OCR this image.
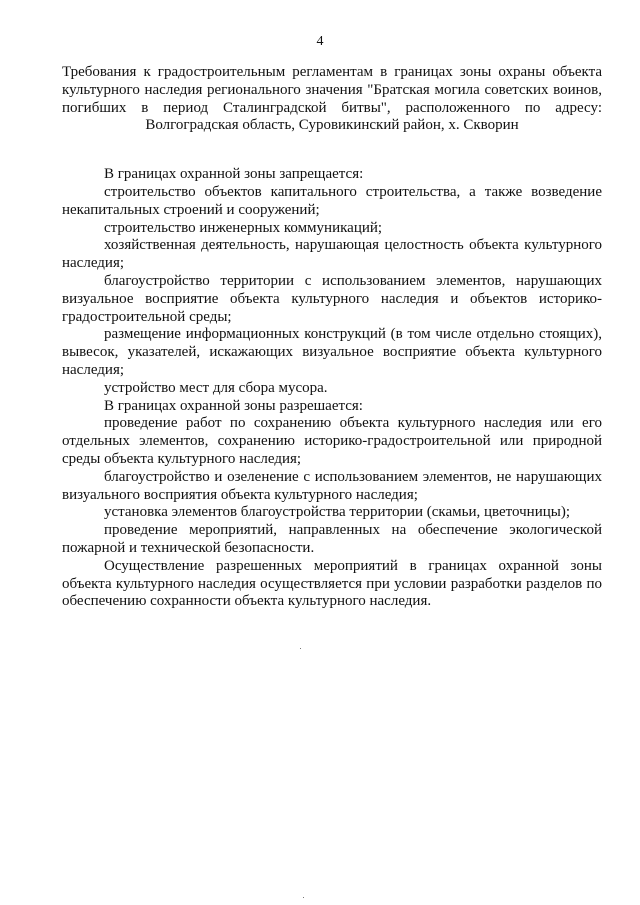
4

Требования к градостроительным регламентам в границах зоны охраны объекта культурного наследия регионального значения "Братская могила советских воинов, погибших в период Сталинградской битвы", расположенного по адресу: Волгоградская область, Суровикинский район, х. Скворин

В границах охранной зоны запрещается:

строительство объектов капитального строительства, а также возведение некапитальных строений и сооружений;

строительство инженерных коммуникаций;

хозяйственная деятельность, нарушающая целостность объекта культурного наследия;

благоустройство территории с использованием элементов, нарушающих визуальное восприятие объекта культурного наследия и объектов историко-градостроительной среды;

размещение информационных конструкций (в том числе отдельно стоящих), вывесок, указателей, искажающих визуальное восприятие объекта культурного наследия;

устройство мест для сбора мусора.

В границах охранной зоны разрешается:

проведение работ по сохранению объекта культурного наследия или его отдельных элементов, сохранению историко-градостроительной или природной среды объекта культурного наследия;

благоустройство и озеленение с использованием элементов, не нарушающих визуального восприятия объекта культурного наследия;

установка элементов благоустройства территории (скамьи, цветочницы);

проведение мероприятий, направленных на обеспечение экологической пожарной и технической безопасности.

Осуществление разрешенных мероприятий в границах охранной зоны объекта культурного наследия осуществляется при условии разработки разделов по обеспечению сохранности объекта культурного наследия.
